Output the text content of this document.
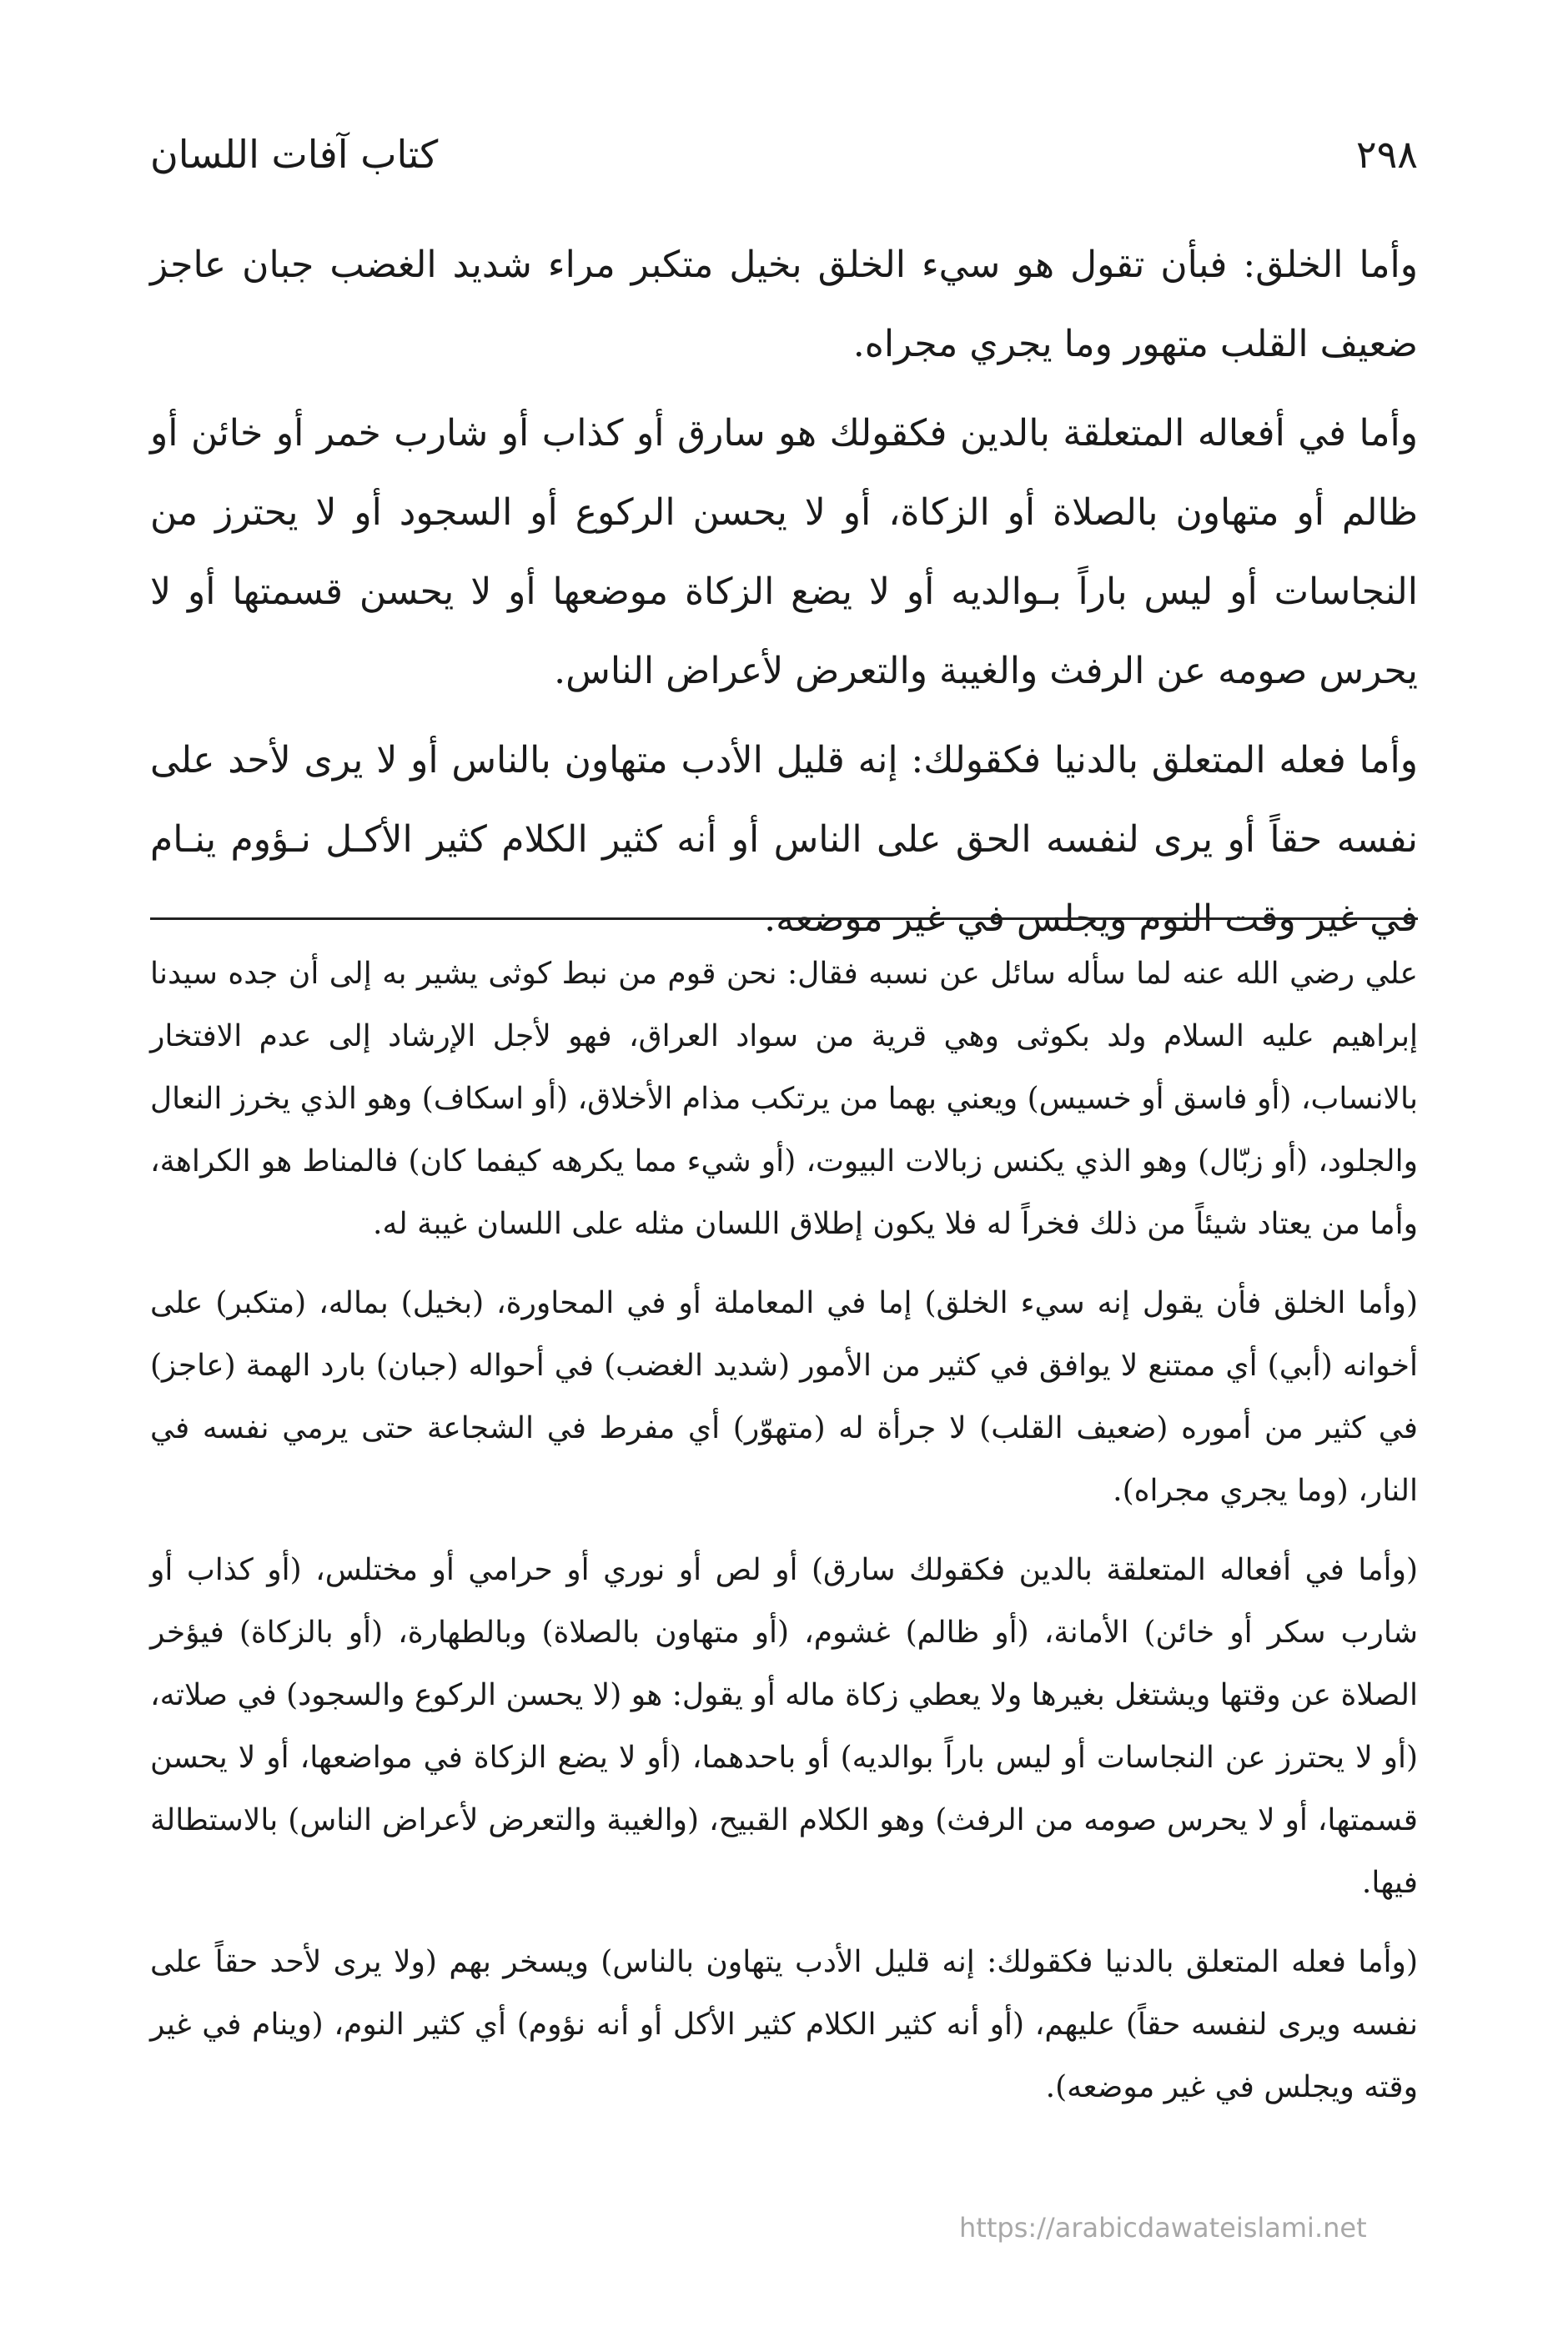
٢٩٨
كتاب آفات اللسان

وأما الخلق: فبأن تقول هو سيء الخلق بخيل متكبر مراء شديد الغضب جبان عاجز ضعيف القلب متهور وما يجري مجراه.

وأما في أفعاله المتعلقة بالدين فكقولك هو سارق أو كذاب أو شارب خمر أو خائن أو ظالم أو متهاون بالصلاة أو الزكاة، أو لا يحسن الركوع أو السجود أو لا يحترز من النجاسات أو ليس باراً بـوالديه أو لا يضع الزكاة موضعها أو لا يحسن قسمتها أو لا يحرس صومه عن الرفث والغيبة والتعرض لأعراض الناس.

وأما فعله المتعلق بالدنيا فكقولك: إنه قليل الأدب متهاون بالناس أو لا يرى لأحد على نفسه حقاً أو يرى لنفسه الحق على الناس أو أنه كثير الكلام كثير الأكـل نـؤوم ينـام في غير وقت النوم ويجلس في غير موضعه.

علي رضي الله عنه لما سأله سائل عن نسبه فقال: نحن قوم من نبط كوثى يشير به إلى أن جده سيدنا إبراهيم عليه السلام ولد بكوثى وهي قرية من سواد العراق، فهو لأجل الإرشاد إلى عدم الافتخار بالانساب، (أو فاسق أو خسيس) ويعني بهما من يرتكب مذام الأخلاق، (أو اسكاف) وهو الذي يخرز النعال والجلود، (أو زبّال) وهو الذي يكنس زبالات البيوت، (أو شيء مما يكرهه كيفما كان) فالمناط هو الكراهة، وأما من يعتاد شيئاً من ذلك فخراً له فلا يكون إطلاق اللسان مثله على اللسان غيبة له.

(وأما الخلق فأن يقول إنه سيء الخلق) إما في المعاملة أو في المحاورة، (بخيل) بماله، (متكبر) على أخوانه (أبي) أي ممتنع لا يوافق في كثير من الأمور (شديد الغضب) في أحواله (جبان) بارد الهمة (عاجز) في كثير من أموره (ضعيف القلب) لا جرأة له (متهوّر) أي مفرط في الشجاعة حتى يرمي نفسه في النار، (وما يجري مجراه).

(وأما في أفعاله المتعلقة بالدين فكقولك سارق) أو لص أو نوري أو حرامي أو مختلس، (أو كذاب أو شارب سكر أو خائن) الأمانة، (أو ظالم) غشوم، (أو متهاون بالصلاة) وبالطهارة، (أو بالزكاة) فيؤخر الصلاة عن وقتها ويشتغل بغيرها ولا يعطي زكاة ماله أو يقول: هو (لا يحسن الركوع والسجود) في صلاته، (أو لا يحترز عن النجاسات أو ليس باراً بوالديه) أو باحدهما، (أو لا يضع الزكاة في مواضعها، أو لا يحسن قسمتها، أو لا يحرس صومه من الرفث) وهو الكلام القبيح، (والغيبة والتعرض لأعراض الناس) بالاستطالة فيها.

(وأما فعله المتعلق بالدنيا فكقولك: إنه قليل الأدب يتهاون بالناس) ويسخر بهم (ولا يرى لأحد حقاً على نفسه ويرى لنفسه حقاً) عليهم، (أو أنه كثير الكلام كثير الأكل أو أنه نؤوم) أي كثير النوم، (وينام في غير وقته ويجلس في غير موضعه).

https://arabicdawateislami.net
